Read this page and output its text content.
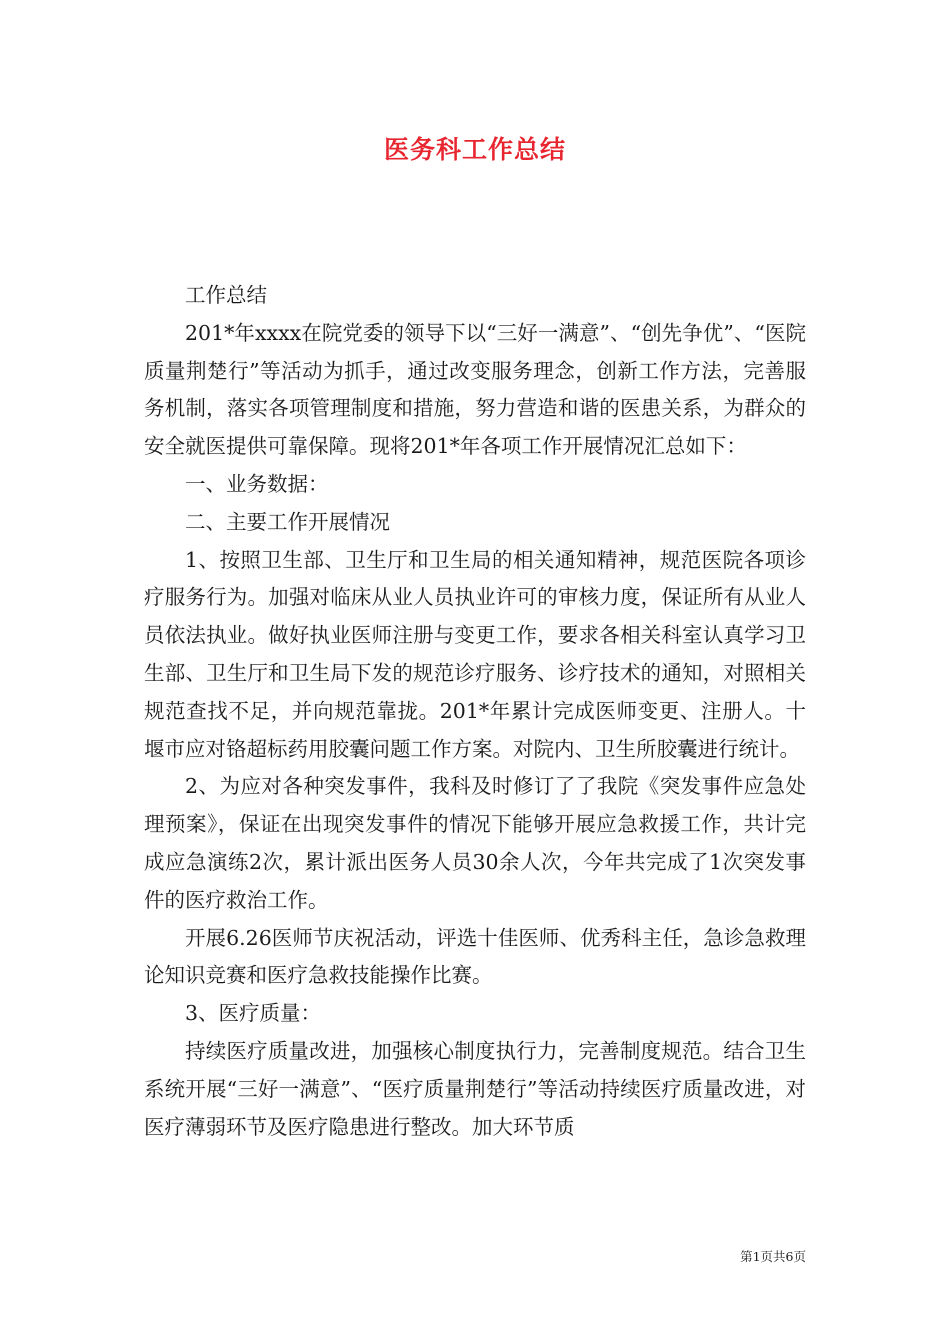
医务科工作总结

工作总结

201*年xxxx在院党委的领导下以“三好一满意”、“创先争优”、“医院质量荆楚行”等活动为抓手，通过改变服务理念，创新工作方法，完善服务机制，落实各项管理制度和措施，努力营造和谐的医患关系，为群众的安全就医提供可靠保障。现将201*年各项工作开展情况汇总如下：

一、业务数据：

二、主要工作开展情况

1、按照卫生部、卫生厅和卫生局的相关通知精神，规范医院各项诊疗服务行为。加强对临床从业人员执业许可的审核力度，保证所有从业人员依法执业。做好执业医师注册与变更工作，要求各相关科室认真学习卫生部、卫生厅和卫生局下发的规范诊疗服务、诊疗技术的通知，对照相关规范查找不足，并向规范靠拢。201*年累计完成医师变更、注册人。十堰市应对铬超标药用胶囊问题工作方案。对院内、卫生所胶囊进行统计。

2、为应对各种突发事件，我科及时修订了了我院《突发事件应急处理预案》，保证在出现突发事件的情况下能够开展应急救援工作，共计完成应急演练2次，累计派出医务人员30余人次，今年共完成了1次突发事件的医疗救治工作。

开展6.26医师节庆祝活动，评选十佳医师、优秀科主任，急诊急救理论知识竞赛和医疗急救技能操作比赛。

3、医疗质量：

持续医疗质量改进，加强核心制度执行力，完善制度规范。结合卫生系统开展“三好一满意”、“医疗质量荆楚行”等活动持续医疗质量改进，对医疗薄弱环节及医疗隐患进行整改。加大环节质

第1页共6页
